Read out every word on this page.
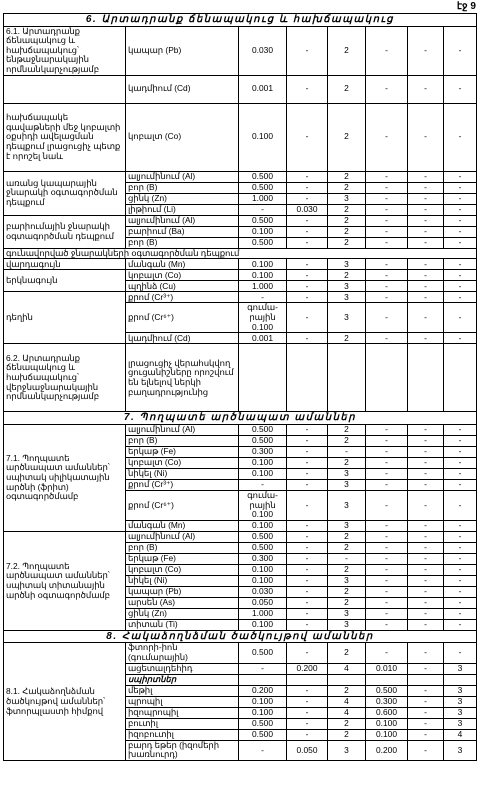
էջ 9
6. Արտադրանք ճենապակուց և հախճապակուց							
6.1. Արտադրանք ճենապակուց և հախճապակուց՝ ենթաջնարակային որմնանկարչությամբ	կապար (Pb)	0.030	-	2	-	-	-
	կադմիում (Cd)	0.001	-	2	-	-	-
հախճապակե գավաթների մեջ կոբալտի օքսիդի ավելացման դեպքում լրացուցիչ պետք է որոշել նաև	կոբալտ (Co)	0.100	-	2	-	-	-
առանց կապարային ջնարակի օգտագործման դեպքում	ալյումինում (Al)	0.500	-	2	-	-	-
	բոր (B)	0.500	-	2	-	-	-
	ցինկ (Zn)	1.000	-	3	-	-	-
	լիթիում (Li)	-	0.030	2	-	-	-
բարիումային ջնարակի օգտագործման դեպքում	ալյումինում (Al)	0.500	-	2	-	-	-
	բարիում (Ba)	0.100	-	2	-	-	-
	բոր (B)	0.500	-	2	-	-	-
գունավորված ջնարակների օգտագործման դեպքում							
վարդագույն	մանգան (Mn)	0.100	-	3	-	-	-
երկնագույն	կոբալտ (Co)	0.100	-	2	-	-	-
	պղինձ (Cu)	1.000	-	3	-	-	-
դեղին	քրոմ (Cr³⁺)	-	-	3	-	-	-
	քրոմ (Cr⁶⁺)	գումա-րային 0.100	-	3	-	-	-
	կադմիում (Cd)	0.001	-	2	-	-	-
6.2. Արտադրանք ճենապակուց և հախճապակուց՝ վերջնաջնարակային որմնանկարչությամբ	լրացուցիչ վերահսկվող ցուցանիշները որոշվում են ելնելով ներկի բաղադրությունից						
7. Պողպատե արծնապատ ամաններ							
7.1. Պողպատե արծնապատ ամաններ՝ սպիտակ սիլիկատային արծնի (ֆրիտ) օգտագործմամբ	ալյումինում (Al)	0.500	-	2	-	-	-
	բոր (B)	0.500	-	2	-	-	-
	երկաթ (Fe)	0.300	-	-	-	-	-
	կոբալտ (Co)	0.100	-	2	-	-	-
	նիկել (Ni)	0.100	-	3	-	-	-
	քրոմ (Cr³⁺)	-	-	3	-	-	-
	քրոմ (Cr⁶⁺)	գումա-րային 0.100	-	3	-	-	-
	մանգան (Mn)	0.100	-	3	-	-	-
7.2. Պողպատե արծնապատ ամաններ՝ սպիտակ տիտանային արծնի օգտագործմամբ	ալյումինում (Al)	0.500	-	2	-	-	-
	բոր (B)	0.500	-	2	-	-	-
	երկաթ (Fe)	0.300	-	-	-	-	-
	կոբալտ (Co)	0.100	-	2	-	-	-
	նիկել (Ni)	0.100	-	3	-	-	-
	կապար (Pb)	0.030	-	2	-	-	-
	արսեն (As)	0.050	-	2	-	-	-
	ցինկ (Zn)	1.000	-	3	-	-	-
	տիտան (Ti)	0.100	-	3	-	-	-
8. Հակաձողնձման ծածկույթով ամաններ							
8.1. Հակաձողնձման ծածկույթով ամաններ՝ ֆտորպլաստի հիմքով	ֆտորի-իոն (գումարային)	0.500	-	2	-	-	-
	ացետալդեհիդ	-	0.200	4	0.010	-	3
	սպիրտներ						
	մեթիլ	0.200	-	2	0.500	-	3
	պրոպիլ	0.100	-	4	0.300	-	3
	իզոպրոպիլ	0.100	-	4	0.600	-	3
	բուտիլ	0.500	-	2	0.100	-	3
	իզոբուտիլ	0.500	-	2	0.100	-	4
	բարդ եթեր (իզոմերի խառնուրդ)	-	0.050	3	0.200	-	3
